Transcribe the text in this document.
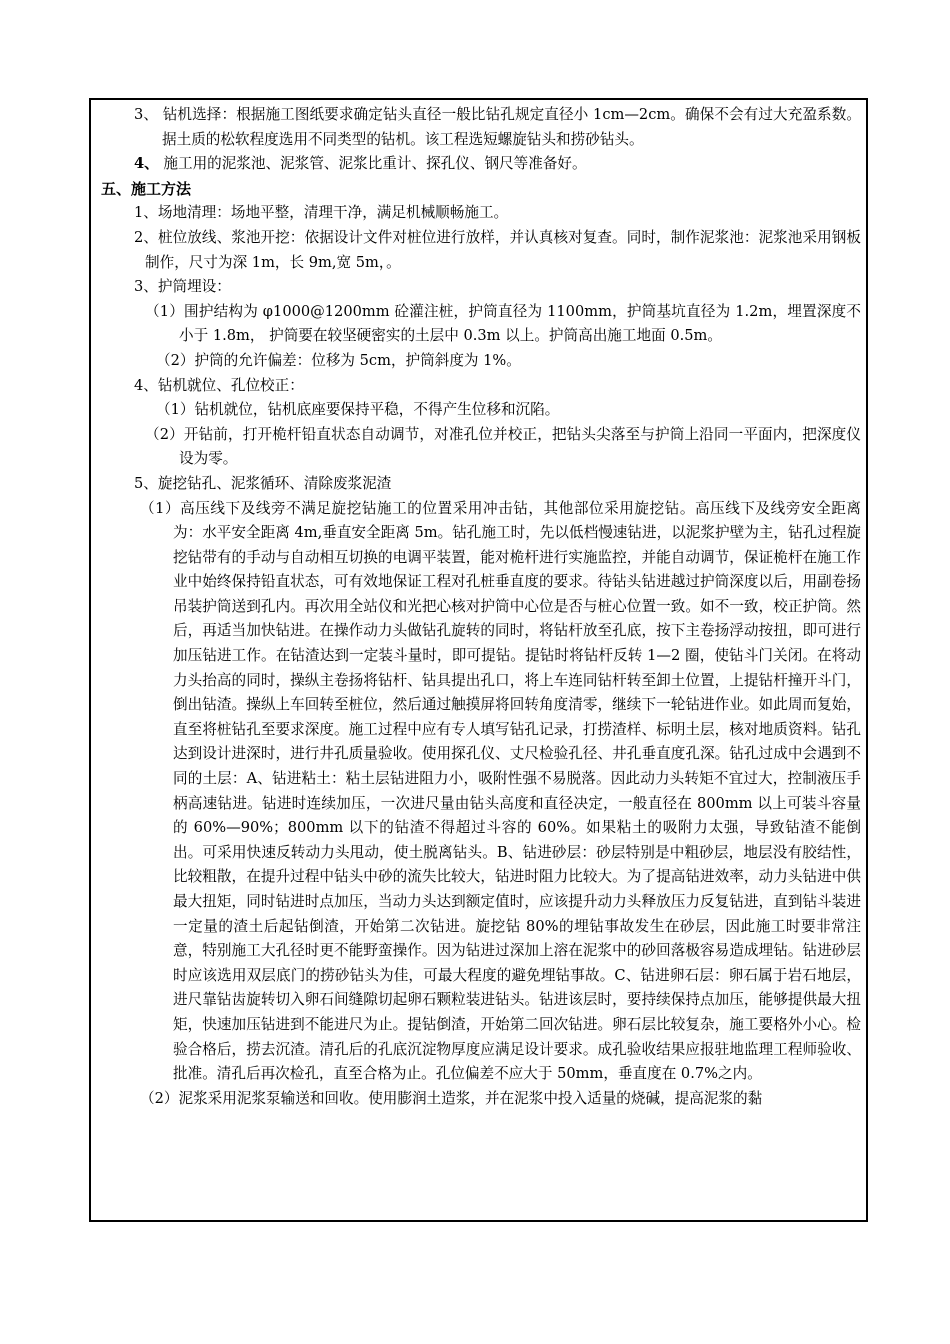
3、 钻机选择：根据施工图纸要求确定钻头直径一般比钻孔规定直径小 1cm—2cm。确保不会有过大充盈系数。据土质的松软程度选用不同类型的钻机。该工程选短螺旋钻头和捞砂钻头。

4、 施工用的泥浆池、泥浆管、泥浆比重计、探孔仪、钢尺等准备好。

五、施工方法

1、场地清理：场地平整，清理干净，满足机械顺畅施工。

2、桩位放线、浆池开挖：依据设计文件对桩位进行放样，并认真核对复查。同时，制作泥浆池：泥浆池采用钢板制作，尺寸为深 1m，长 9m,宽 5m，。

3、护筒埋设：

（1）围护结构为 φ1000@1200mm 砼灌注桩，护筒直径为 1100mm，护筒基坑直径为 1.2m，埋置深度不小于 1.8m， 护筒要在较坚硬密实的土层中 0.3m 以上。护筒高出施工地面 0.5m。

（2）护筒的允许偏差：位移为 5cm，护筒斜度为 1%。

4、钻机就位、孔位校正：

（1）钻机就位，钻机底座要保持平稳，不得产生位移和沉陷。

（2）开钻前，打开桅杆铅直状态自动调节，对准孔位并校正，把钻头尖落至与护筒上沿同一平面内，把深度仪设为零。

5、旋挖钻孔、泥浆循环、清除废浆泥渣

（1）高压线下及线旁不满足旋挖钻施工的位置采用冲击钻，其他部位采用旋挖钻。高压线下及线旁安全距离为：水平安全距离 4m,垂直安全距离 5m。钻孔施工时，先以低档慢速钻进，以泥浆护壁为主，钻孔过程旋挖钻带有的手动与自动相互切换的电调平装置，能对桅杆进行实施监控，并能自动调节，保证桅杆在施工作业中始终保持铅直状态，可有效地保证工程对孔桩垂直度的要求。待钻头钻进越过护筒深度以后，用副卷扬吊装护筒送到孔内。再次用全站仪和光把心核对护筒中心位是否与桩心位置一致。如不一致，校正护筒。然后，再适当加快钻进。在操作动力头做钻孔旋转的同时，将钻杆放至孔底，按下主卷扬浮动按扭，即可进行加压钻进工作。在钻渣达到一定装斗量时，即可提钻。提钻时将钻杆反转 1—2 圈，使钻斗门关闭。在将动力头抬高的同时，操纵主卷扬将钻杆、钻具提出孔口，将上车连同钻杆转至卸土位置，上提钻杆撞开斗门，倒出钻渣。操纵上车回转至桩位，然后通过触摸屏将回转角度清零，继续下一轮钻进作业。如此周而复始，直至将桩钻孔至要求深度。施工过程中应有专人填写钻孔记录，打捞渣样、标明土层，核对地质资料。钻孔达到设计进深时，进行井孔质量验收。使用探孔仪、丈尺检验孔径、井孔垂直度孔深。钻孔过成中会遇到不同的土层：A、钻进粘土：粘土层钻进阻力小，吸附性强不易脱落。因此动力头转矩不宜过大，控制液压手柄高速钻进。钻进时连续加压，一次进尺量由钻头高度和直径决定，一般直径在 800mm 以上可装斗容量的 60%—90%；800mm 以下的钻渣不得超过斗容的 60%。如果粘土的吸附力太强，导致钻渣不能倒出。可采用快速反转动力头甩动，使土脱离钻头。B、钻进砂层：砂层特别是中粗砂层，地层没有胶结性，比较粗散，在提升过程中钻头中砂的流失比较大，钻进时阻力比较大。为了提高钻进效率，动力头钻进中供最大扭矩，同时钻进时点加压，当动力头达到额定值时，应该提升动力头释放压力反复钻进，直到钻斗装进一定量的渣土后起钻倒渣，开始第二次钻进。旋挖钻 80%的埋钻事故发生在砂层，因此施工时要非常注意，特别施工大孔径时更不能野蛮操作。因为钻进过深加上溶在泥浆中的砂回落极容易造成埋钻。钻进砂层时应该选用双层底门的捞砂钻头为佳，可最大程度的避免埋钻事故。C、钻进卵石层：卵石属于岩石地层，进尺靠钻齿旋转切入卵石间缝隙切起卵石颗粒装进钻头。钻进该层时，要持续保持点加压，能够提供最大扭矩，快速加压钻进到不能进尺为止。提钻倒渣，开始第二回次钻进。卵石层比较复杂，施工要格外小心。检验合格后，捞去沉渣。清孔后的孔底沉淀物厚度应满足设计要求。成孔验收结果应报驻地监理工程师验收、批准。清孔后再次检孔，直至合格为止。孔位偏差不应大于 50mm，垂直度在 0.7%之内。

（2）泥浆采用泥浆泵输送和回收。使用膨润土造浆，并在泥浆中投入适量的烧碱，提高泥浆的黏
